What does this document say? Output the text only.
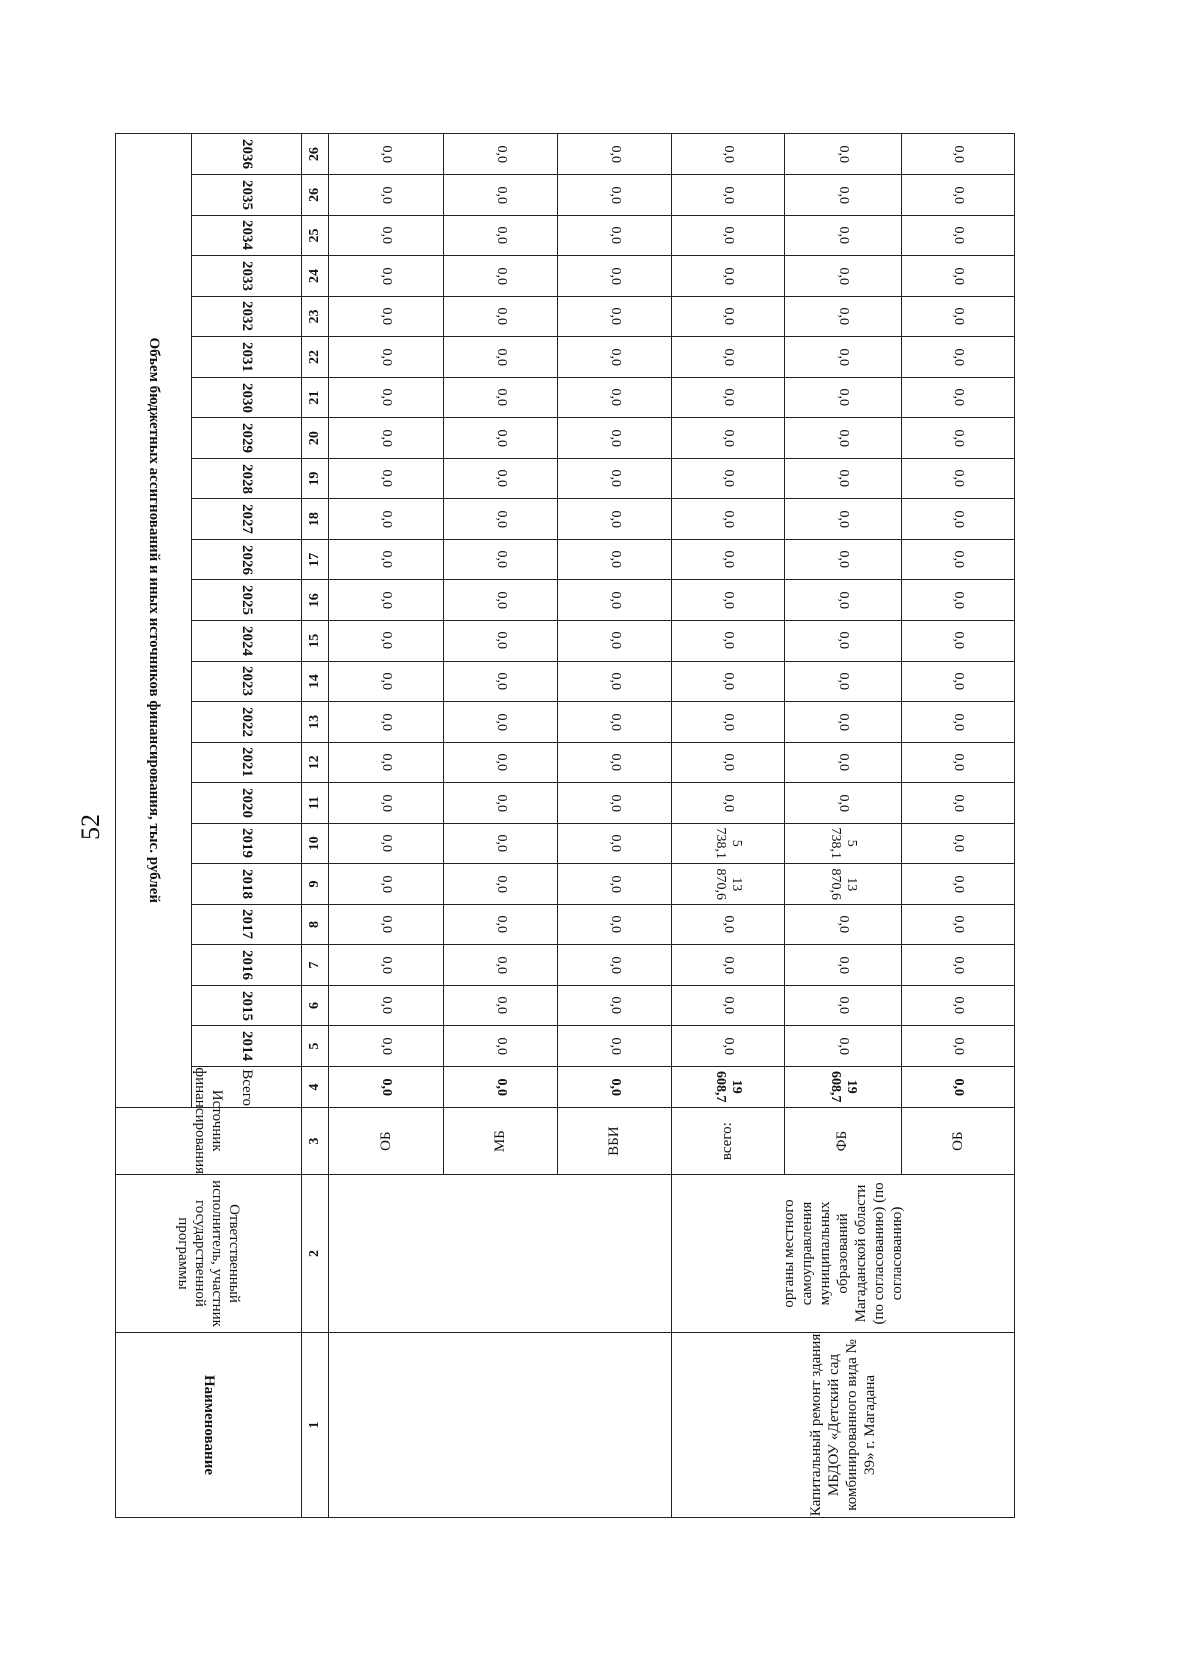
52
Наименование	Ответственный исполнитель, участник государственной программы	Источник финансирования	Объем бюджетных ассигнований и иных источников финансирования, тыс. рублей																							
			Всего	2014	2015	2016	2017	2018	2019	2020	2021	2022	2023	2024	2025	2026	2027	2028	2029	2030	2031	2032	2033	2034	2035	2036
1	2	3	4	5	6	7	8	9	10	11	12	13	14	15	16	17	18	19	20	21	22	23	24	25	26	26
		ОБ	0,0	0,0	0,0	0,0	0,0	0,0	0,0	0,0	0,0	0,0	0,0	0,0	0,0	0,0	0,0	0,0	0,0	0,0	0,0	0,0	0,0	0,0	0,0	0,0
		МБ	0,0	0,0	0,0	0,0	0,0	0,0	0,0	0,0	0,0	0,0	0,0	0,0	0,0	0,0	0,0	0,0	0,0	0,0	0,0	0,0	0,0	0,0	0,0	0,0
		ВБИ	0,0	0,0	0,0	0,0	0,0	0,0	0,0	0,0	0,0	0,0	0,0	0,0	0,0	0,0	0,0	0,0	0,0	0,0	0,0	0,0	0,0	0,0	0,0	0,0
Капитальный ремонт здания МБДОУ «Детский сад комбинированного вида № 39» г. Магадана	органы местного самоуправления муниципальных образований Магаданской области (по согласованию) (по согласованию)	всего:	19 608,7	0,0	0,0	0,0	0,0	13 870,6	5 738,1	0,0	0,0	0,0	0,0	0,0	0,0	0,0	0,0	0,0	0,0	0,0	0,0	0,0	0,0	0,0	0,0	0,0
		ФБ	19 608,7	0,0	0,0	0,0	0,0	13 870,6	5 738,1	0,0	0,0	0,0	0,0	0,0	0,0	0,0	0,0	0,0	0,0	0,0	0,0	0,0	0,0	0,0	0,0	0,0
		ОБ	0,0	0,0	0,0	0,0	0,0	0,0	0,0	0,0	0,0	0,0	0,0	0,0	0,0	0,0	0,0	0,0	0,0	0,0	0,0	0,0	0,0	0,0	0,0	0,0
